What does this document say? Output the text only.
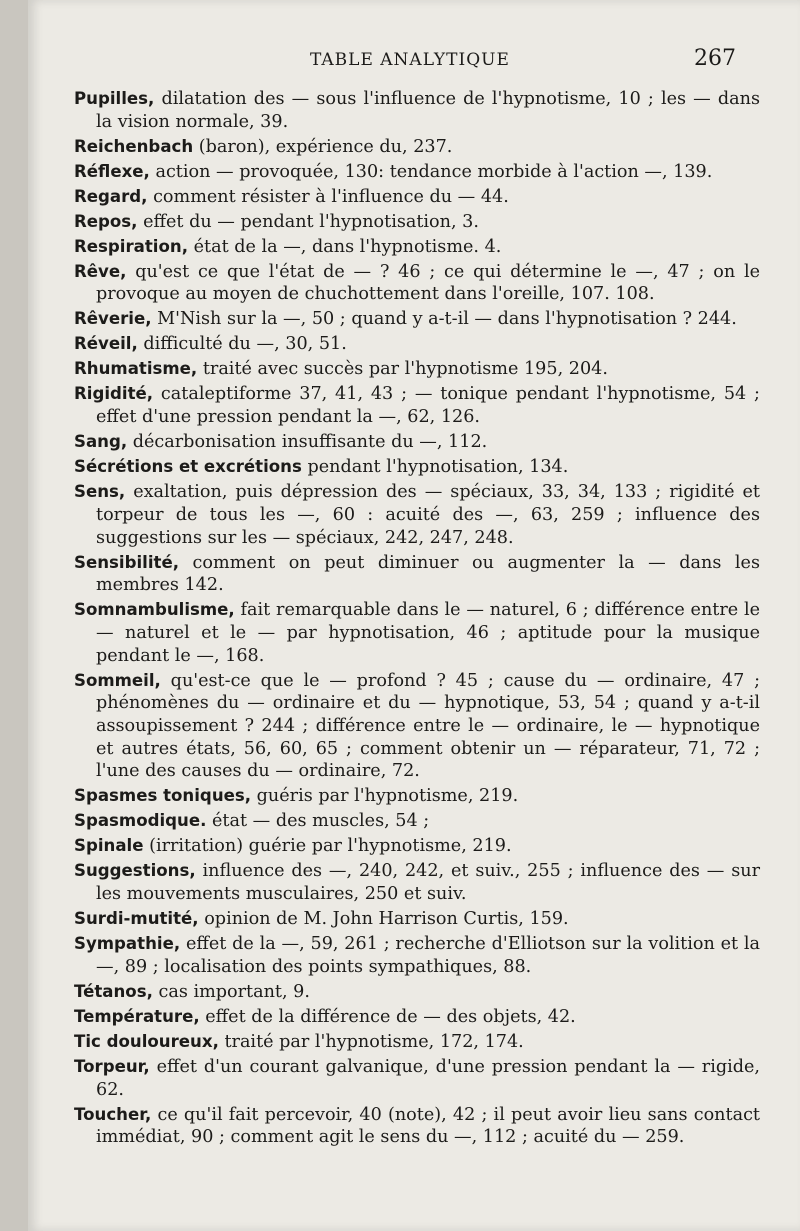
TABLE ANALYTIQUE	267

Pupilles, dilatation des — sous l'influence de l'hypnotisme, 10 ; les — dans la vision normale, 39.

Reichenbach (baron), expérience du, 237.

Réflexe, action — provoquée, 130: tendance morbide à l'action —, 139.

Regard, comment résister à l'influence du — 44.

Repos, effet du — pendant l'hypnotisation, 3.

Respiration, état de la —, dans l'hypnotisme. 4.

Rêve, qu'est ce que l'état de — ? 46 ; ce qui détermine le —, 47 ; on le provoque au moyen de chuchottement dans l'oreille, 107. 108.

Rêverie, M'Nish sur la —, 50 ; quand y a-t-il — dans l'hypnotisation ? 244.

Réveil, difficulté du —, 30, 51.

Rhumatisme, traité avec succès par l'hypnotisme 195, 204.

Rigidité, cataleptiforme 37, 41, 43 ; — tonique pendant l'hypnotisme, 54 ; effet d'une pression pendant la —, 62, 126.

Sang, décarbonisation insuffisante du —, 112.

Sécrétions et excrétions pendant l'hypnotisation, 134.

Sens, exaltation, puis dépression des — spéciaux, 33, 34, 133 ; rigidité et torpeur de tous les —, 60 : acuité des —, 63, 259 ; influence des suggestions sur les — spéciaux, 242, 247, 248.

Sensibilité, comment on peut diminuer ou augmenter la — dans les membres 142.

Somnambulisme, fait remarquable dans le — naturel, 6 ; différence entre le — naturel et le — par hypnotisation, 46 ; aptitude pour la musique pendant le —, 168.

Sommeil, qu'est-ce que le — profond ? 45 ; cause du — ordinaire, 47 ; phénomènes du — ordinaire et du — hypnotique, 53, 54 ; quand y a-t-il assoupissement ? 244 ; différence entre le — ordinaire, le — hypnotique et autres états, 56, 60, 65 ; comment obtenir un — réparateur, 71, 72 ; l'une des causes du — ordinaire, 72.

Spasmes toniques, guéris par l'hypnotisme, 219.

Spasmodique. état — des muscles, 54 ;

Spinale (irritation) guérie par l'hypnotisme, 219.

Suggestions, influence des —, 240, 242, et suiv., 255 ; influence des — sur les mouvements musculaires, 250 et suiv.

Surdi-mutité, opinion de M. John Harrison Curtis, 159.

Sympathie, effet de la —, 59, 261 ; recherche d'Elliotson sur la volition et la —, 89 ; localisation des points sympathiques, 88.

Tétanos, cas important, 9.

Température, effet de la différence de — des objets, 42.

Tic douloureux, traité par l'hypnotisme, 172, 174.

Torpeur, effet d'un courant galvanique, d'une pression pendant la — rigide, 62.

Toucher, ce qu'il fait percevoir, 40 (note), 42 ; il peut avoir lieu sans contact immédiat, 90 ; comment agit le sens du —, 112 ; acuité du — 259.
